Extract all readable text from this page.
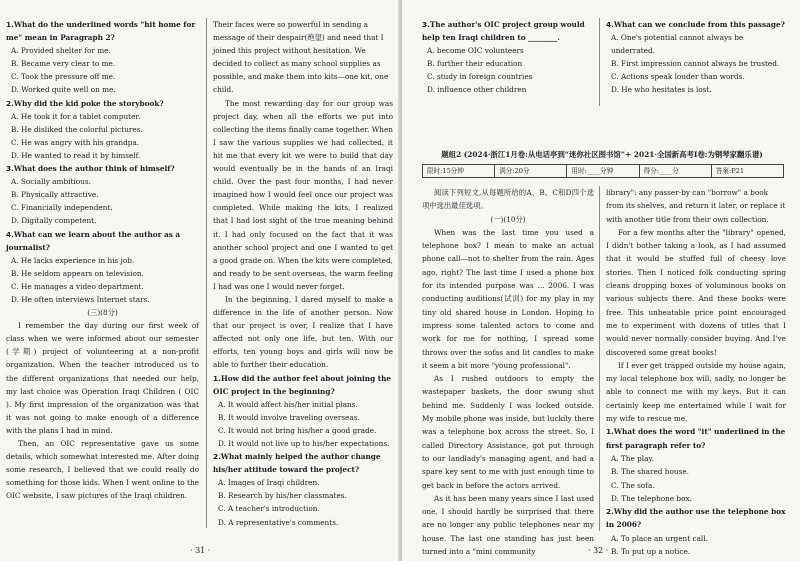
1.What do the underlined words "hit home for me" mean in Paragraph 2?

A. Provided shelter for me.

B. Became very clear to me.

C. Took the pressure off me.

D. Worked quite well on me.

2.Why did the kid poke the storybook?

A. He took it for a tablet computer.

B. He disliked the colorful pictures.

C. He was angry with his grandpa.

D. He wanted to read it by himself.

3.What does the author think of himself?

A. Socially ambitious.

B. Physically attractive.

C. Financially independent.

D. Digitally competent.

4.What can we learn about the author as a journalist?

A. He lacks experience in his job.

B. He seldom appears on television.

C. He manages a video department.

D. He often interviews Internet stars.

(三)(8分)

I remember the day during our first week of class when we were informed about our semester (学期) project of volunteering at a non-profit organization. When the teacher introduced us to the different organizations that needed our help, my last choice was Operation Iraqi Children ( OIC ). My first impression of the organization was that it was not going to make enough of a difference with the plans I had in mind.

Then, an OIC representative gave us some details, which somewhat interested me. After doing some research, I believed that we could really do something for those kids. When I went online to the OIC website, I saw pictures of the Iraqi children.

Their faces were so powerful in sending a message of their despair(绝望) and need that I joined this project without hesitation. We decided to collect as many school supplies as possible, and make them into kits—one kit, one child.

The most rewarding day for our group was project day, when all the efforts we put into collecting the items finally came together. When I saw the various supplies we had collected, it hit me that every kit we were to build that day would eventually be in the hands of an Iraqi child. Over the past four months, I had never imagined how I would feel once our project was completed. While making the kits, I realized that I had lost sight of the true meaning behind it. I had only focused on the fact that it was another school project and one I wanted to get a good grade on. When the kits were completed, and ready to be sent overseas, the warm feeling I had was one I would never forget.

In the beginning, I dared myself to make a difference in the life of another person. Now that our project is over, I realize that I have affected not only one life, but ten. With our efforts, ten young boys and girls will now be able to further their education.

1.How did the author feel about joining the OIC project in the beginning?

A. It would affect his/her initial plans.

B. It would involve traveling overseas.

C. It would not bring his/her a good grade.

D. It would not live up to his/her expectations.

2.What mainly helped the author change his/her attitude toward the project?

A. Images of Iraqi children.

B. Research by his/her classmates.

C. A teacher's introduction.

D. A representative's comments.

· 31 ·

3.The author's OIC project group would help ten Iraqi children to ________.

A. become OIC volunteers

B. further their education

C. study in foreign countries

D. influence other children

4.What can we conclude from this passage?

A. One's potential cannot always be underrated.

B. First impression cannot always be trusted.

C. Actions speak louder than words.

D. He who hesitates is lost.

题组2 (2024·浙江1月卷:从电话亭到“迷你社区图书馆”+ 2021·全国新高考Ⅰ卷:为钢琴家翻乐谱)
限时:15分钟	满分:20分	用时:____分钟	得分:____分	答案:P21

阅读下列短文,从每题所给的A、B、C和D四个选项中选出最佳选项。

(一)(10分)

When was the last time you used a telephone box? I mean to make an actual phone call—not to shelter from the rain. Ages ago, right? The last time I used a phone box for its intended purpose was ... 2006. I was conducting auditions(试训) for my play in my tiny old shared house in London. Hoping to impress some talented actors to come and work for me for nothing, I spread some throws over the sofas and lit candles to make it seem a bit more "young professional".

As I rushed outdoors to empty the wastepaper baskets, the door swung shut behind me. Suddenly I was locked outside. My mobile phone was inside, but luckily there was a telephone box across the street. So, I called Directory Assistance, got put through to our landlady's managing agent, and had a spare key sent to me with just enough time to get back in before the actors arrived.

As it has been many years since I last used one, I should hardly be surprised that there are no longer any public telephones near my house. The last one standing has just been turned into a "mini community

library": any passer-by can "borrow" a book from its shelves, and return it later, or replace it with another title from their own collection.

For a few months after the "library" opened, I didn't bother taking a look, as I had assumed that it would be stuffed full of cheesy love stories. Then I noticed folk conducting spring cleans dropping boxes of voluminous books on various subjects there. And these books were free. This unbeatable price point encouraged me to experiment with dozens of titles that I would never normally consider buying. And I've discovered some great books!

If I ever get trapped outside my house again, my local telephone box will, sadly, no longer be able to connect me with my keys. But it can certainly keep me entertained while I wait for my wife to rescue me.

1.What does the word "it" underlined in the first paragraph refer to?

A. The play.

B. The shared house.

C. The sofa.

D. The telephone box.

2.Why did the author use the telephone box in 2006?

A. To place an urgent call.

B. To put up a notice.

· 32 ·
